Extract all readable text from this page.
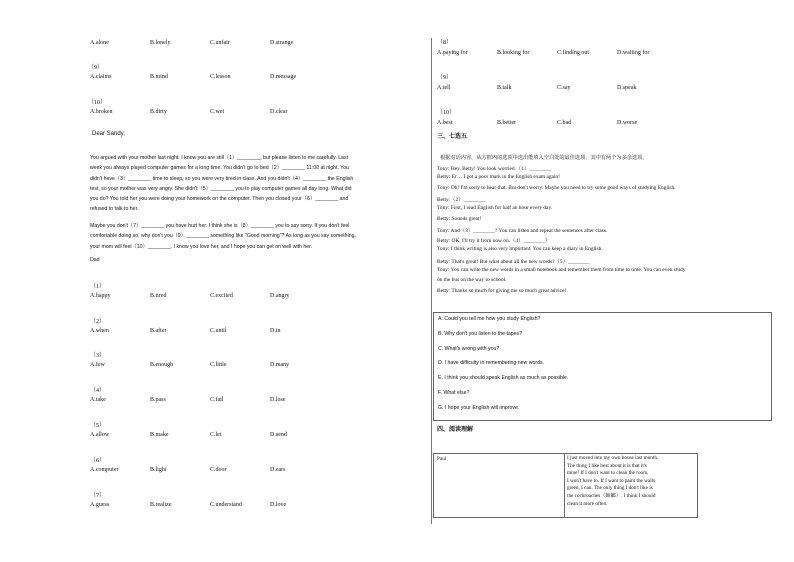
A. Could you tell me how you study English?
B. Why don't you listen to the tapes?
C. What's wrong with you?
D. I have difficulty in remembering new words.
E. I think you should speak English as much as possible.
F. What else?
G. I hope your English will improve.
Paul	I just moved into my own house last month.
The thing I like best about it is that it's
mine! If I don't want to clean the room,
I won't have to. If I want to paint the walls
green, I can. The only thing I don't like is
the cockroaches（蟑螂）. I think I should
clean it more often.
A.alone	B.lonely	C.unfair	D.strange
（9）
A.claims	B.mind	C.lesson	D.message
（10）
A.broken	B.dirty	C.wet	D.clear
Dear Sandy,
You argued with your mother last night. I know you are still（1）________, but please listen to me carefully. Last
week you always played computer games for a long time. You didn't go to bed（2）________ 11:00 at night. You
didn't have（3）________ time to sleep, so you were very tired in class. And you didn't（4）________ the English
test, so your mother was very angry. She didn't（5）________ you to play computer games all day long. What did
you do? You told her you were doing your homework on the computer. Then you closed your（6）________ and
refused to talk to her.
Maybe you don't（7）________ you have hurt her. I think she is（8）________ you to say sorry. If you don't feel
comfortable doing so, why don't you（9）________ something like "Good morning"? As long as you say something,
your mom will feel（10）________. I know you love her, and I hope you can get on well with her.
Dad
（1）
A.happy	B.tired	C.excited	D.angry
（2）
A.when	B.after	C.until	D.in
（3）
A.few	B.enough	C.little	D.many
（4）
A.take	B.pass	C.fail	D.lose
（5）
A.allow	B.make	C.let	D.send
（6）
A.computer	B.light	C.door	D.ears
（7）
A.guess	B.realize	C.understand	D.love
（8）
A.paying for	B.looking for	C.finding out	D.waiting for
（9）
A.tell	B.talk	C.say	D.speak
（10）
A.best	B.better	C.bad	D.worse
三、七选五
根据对话内容，从方框内的选项中选出能填入空白处的最佳选项，其中有两个为多余选项。
Tony: Hey, Betty! You look worried.（1）________
Betty: Er… I got a poor mark in the English exam again!
Tony: Oh! I'm sorry to hear that. But don't worry. Maybe you need to try some good ways of studying English.
Betty:（2）________
Tony: First, I read English for half an hour every day.
Betty: Sounds great!
Tony: And（3）________? You can listen and repeat the sentences after class.
Betty: OK, I'll try it from now on.（4）________?
Tony: I think writing is also very important. You can keep a diary in English.
Betty: That's great! But what about all the new words?（5）________
Tony: You can write the new words in a small notebook and remember them from time to time. You can even study
on the bus on the way to school.
Betty: Thanks so much for giving me so much great advice!
四、阅读理解
